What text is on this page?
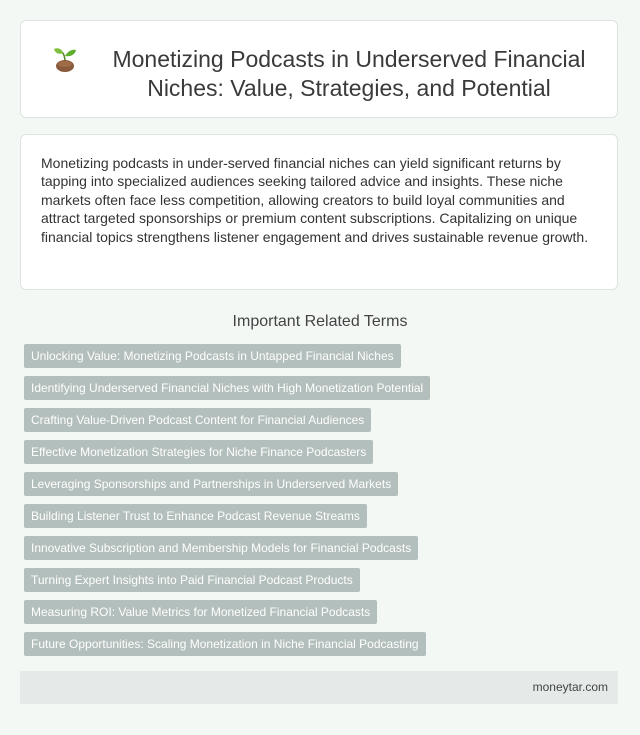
Monetizing Podcasts in Underserved Financial Niches: Value, Strategies, and Potential

Monetizing podcasts in under-served financial niches can yield significant returns by tapping into specialized audiences seeking tailored advice and insights. These niche markets often face less competition, allowing creators to build loyal communities and attract targeted sponsorships or premium content subscriptions. Capitalizing on unique financial topics strengthens listener engagement and drives sustainable revenue growth.

Important Related Terms
Unlocking Value: Monetizing Podcasts in Untapped Financial Niches
Identifying Underserved Financial Niches with High Monetization Potential
Crafting Value-Driven Podcast Content for Financial Audiences
Effective Monetization Strategies for Niche Finance Podcasters
Leveraging Sponsorships and Partnerships in Underserved Markets
Building Listener Trust to Enhance Podcast Revenue Streams
Innovative Subscription and Membership Models for Financial Podcasts
Turning Expert Insights into Paid Financial Podcast Products
Measuring ROI: Value Metrics for Monetized Financial Podcasts
Future Opportunities: Scaling Monetization in Niche Financial Podcasting
moneytar.com
